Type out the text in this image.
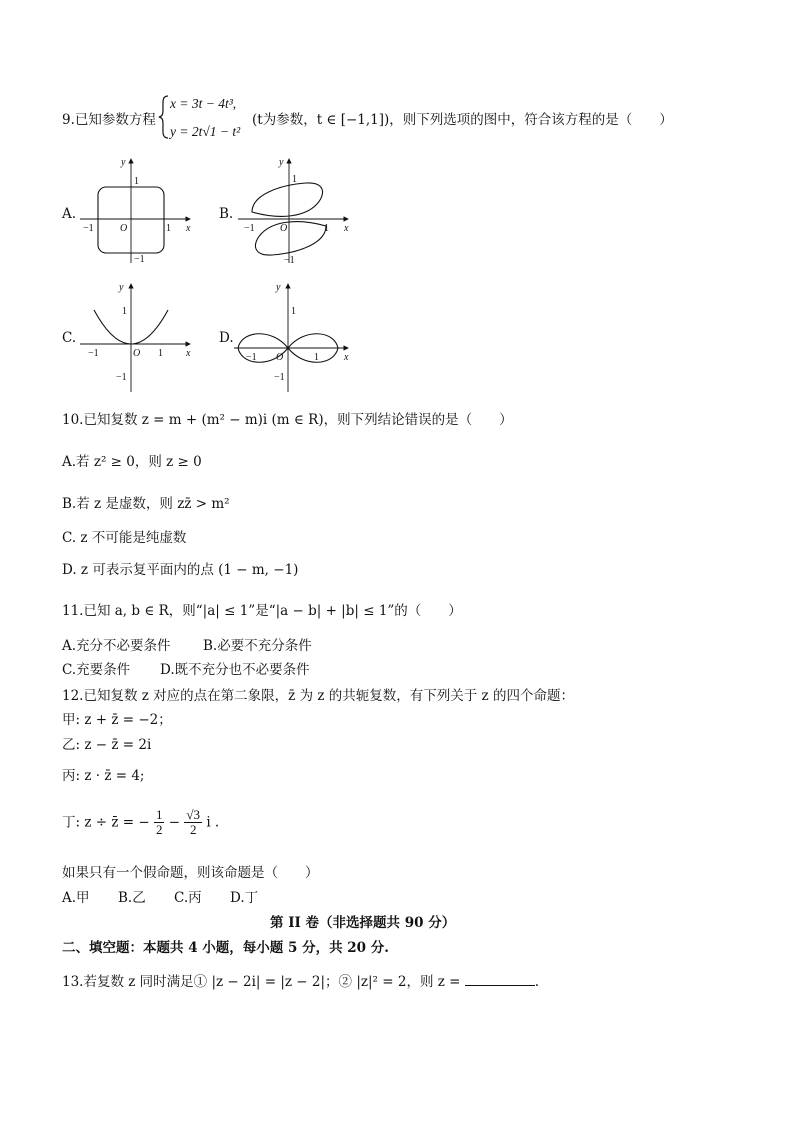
9.已知参数方程
x = 3t − 4t³,
y = 2t√1 − t²
(t为参数，t ∈ [−1,1])，则下列选项的图中，符合该方程的是（　　）
A.
x
y
O
1
−1
−1	1
B.
x
y
O
1
−1
−1	1
C.
x
y
O
1
−1
−1	1
D.
x
y
O
1
−1
−1	1
10.已知复数 z = m + (m² − m)i (m ∈ R)，则下列结论错误的是（　　）
A.若 z² ≥ 0，则 z ≥ 0
B.若 z 是虚数，则 zz̄ > m²
C. z 不可能是纯虚数
D. z 可表示复平面内的点 (1 − m, −1)
11.已知 a, b ∈ R，则“|a| ≤ 1”是“|a − b| + |b| ≤ 1”的（　　）
A.充分不必要条件 B.必要不充分条件
C.充要条件 D.既不充分也不必要条件
12.已知复数 z 对应的点在第二象限，z̄ 为 z 的共轭复数，有下列关于 z 的四个命题：
甲: z + z̄ = −2；
乙: z − z̄ = 2i
丙: z · z̄ = 4;
丁: z ÷ z̄ = − $\frac{1}{2} - \frac{√3}{2}$ i .
如果只有一个假命题，则该命题是（　　）
A.甲 B.乙 C.丙 D.丁
第 II 卷（非选择题共 90 分）
二、填空题：本题共 4 小题，每小题 5 分，共 20 分.
13.若复数 z 同时满足① |z − 2i| = |z − 2|；② |z|² = 2，则 z =	.
